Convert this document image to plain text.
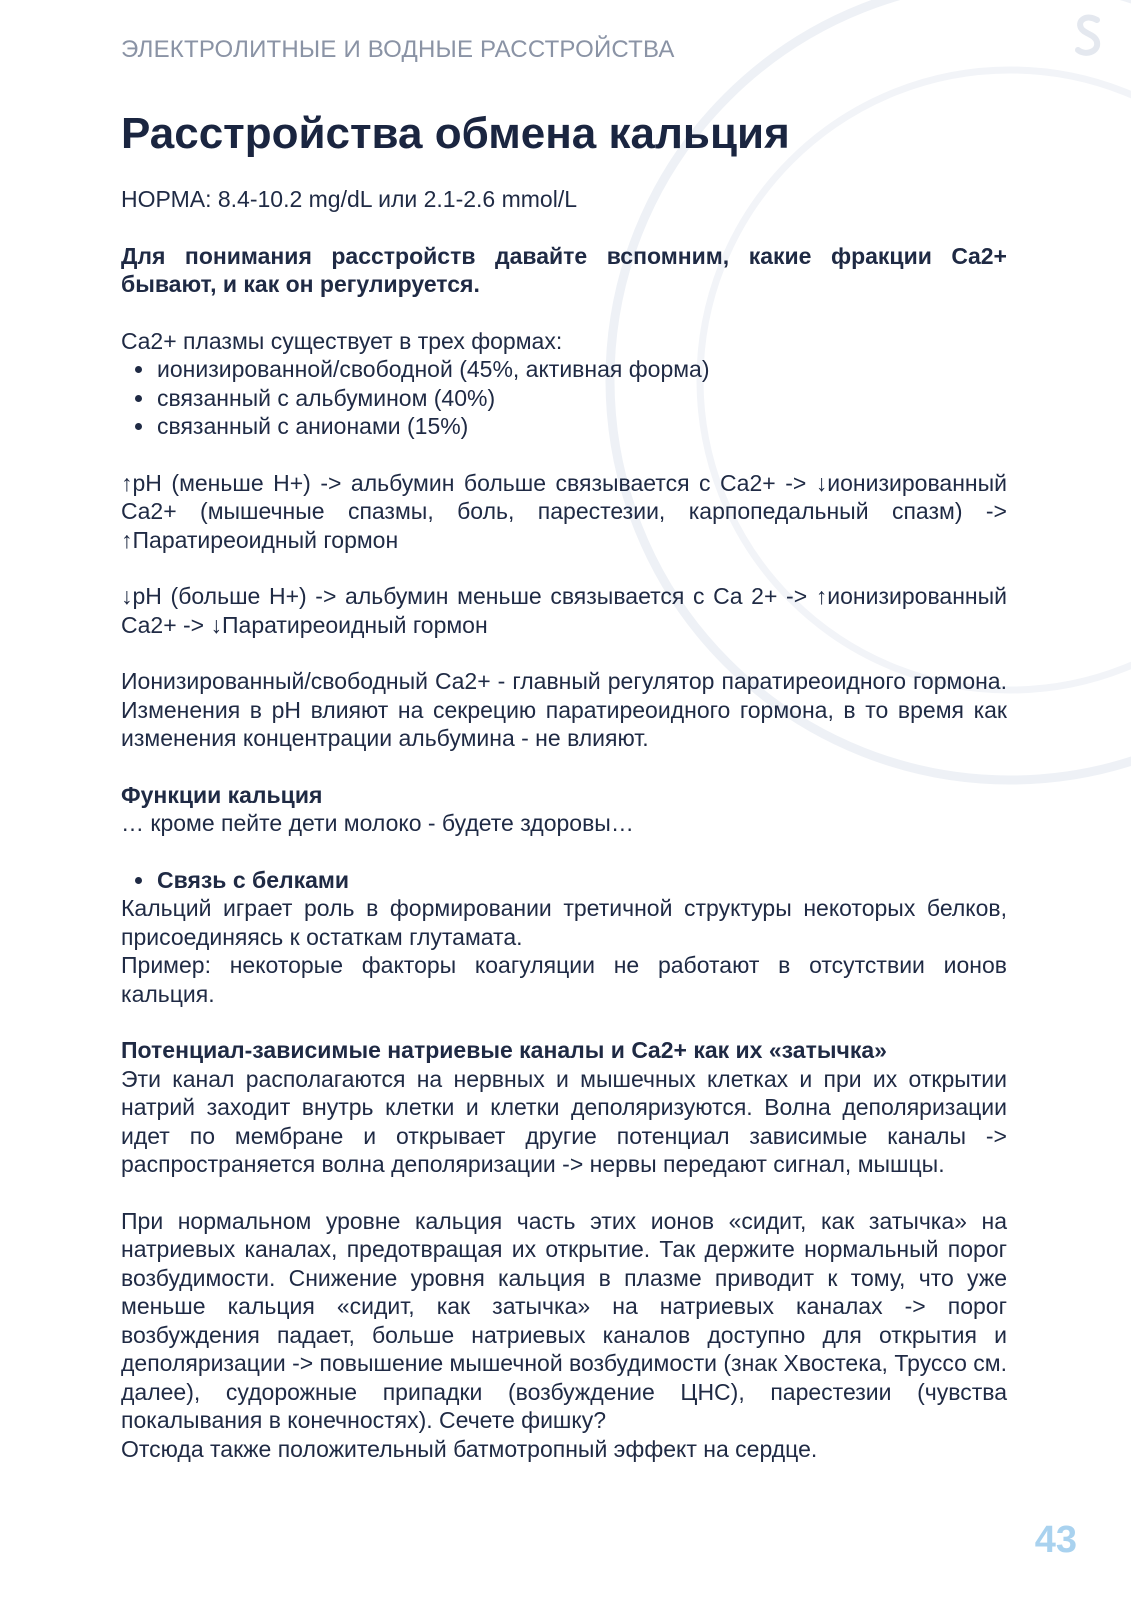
ЭЛЕКТРОЛИТНЫЕ И ВОДНЫЕ РАССТРОЙСТВА
Расстройства обмена кальция

НОРМА: 8.4-10.2 mg/dL или 2.1-2.6 mmol/L

Для понимания расстройств давайте вспомним, какие фракции Ca2+ бывают, и как он регулируется.

Ca2+ плазмы существует в трех формах:

ионизированной/свободной (45%, активная форма)
связанный с альбумином (40%)
связанный с анионами (15%)

↑pH (меньше H+) -> альбумин больше связывается с Ca2+ -> ↓ионизированный Ca2+ (мышечные спазмы, боль, парестезии, карпопедальный спазм) -> ↑Паратиреоидный гормон

↓pH (больше H+) -> альбумин меньше связывается с Ca 2+ -> ↑ионизированный Ca2+ -> ↓Паратиреоидный гормон

Ионизированный/свободный Ca2+ - главный регулятор паратиреоидного гормона. Изменения в pH влияют на секрецию паратиреоидного гормона, в то время как изменения концентрации альбумина - не влияют.

Функции кальция

… кроме пейте дети молоко - будете здоровы…

Связь с белками

Кальций играет роль в формировании третичной структуры некоторых белков, присоединяясь к остаткам глутамата.

Пример: некоторые факторы коагуляции не работают в отсутствии ионов кальция.

Потенциал-зависимые натриевые каналы и Ca2+ как их «затычка»

Эти канал располагаются на нервных и мышечных клетках и при их открытии натрий заходит внутрь клетки и клетки деполяризуются. Волна деполяризации идет по мембране и открывает другие потенциал зависимые каналы -> распространяется волна деполяризации -> нервы передают сигнал, мышцы.

При нормальном уровне кальция часть этих ионов «сидит, как затычка» на натриевых каналах, предотвращая их открытие. Так держите нормальный порог возбудимости. Снижение уровня кальция в плазме приводит к тому, что уже меньше кальция «сидит, как затычка» на натриевых каналах -> порог возбуждения падает, больше натриевых каналов доступно для открытия и деполяризации -> повышение мышечной возбудимости (знак Хвостека, Труссо см. далее), судорожные припадки (возбуждение ЦНС), парестезии (чувства покалывания в конечностях). Сечете фишку?

Отсюда также положительный батмотропный эффект на сердце.

43
